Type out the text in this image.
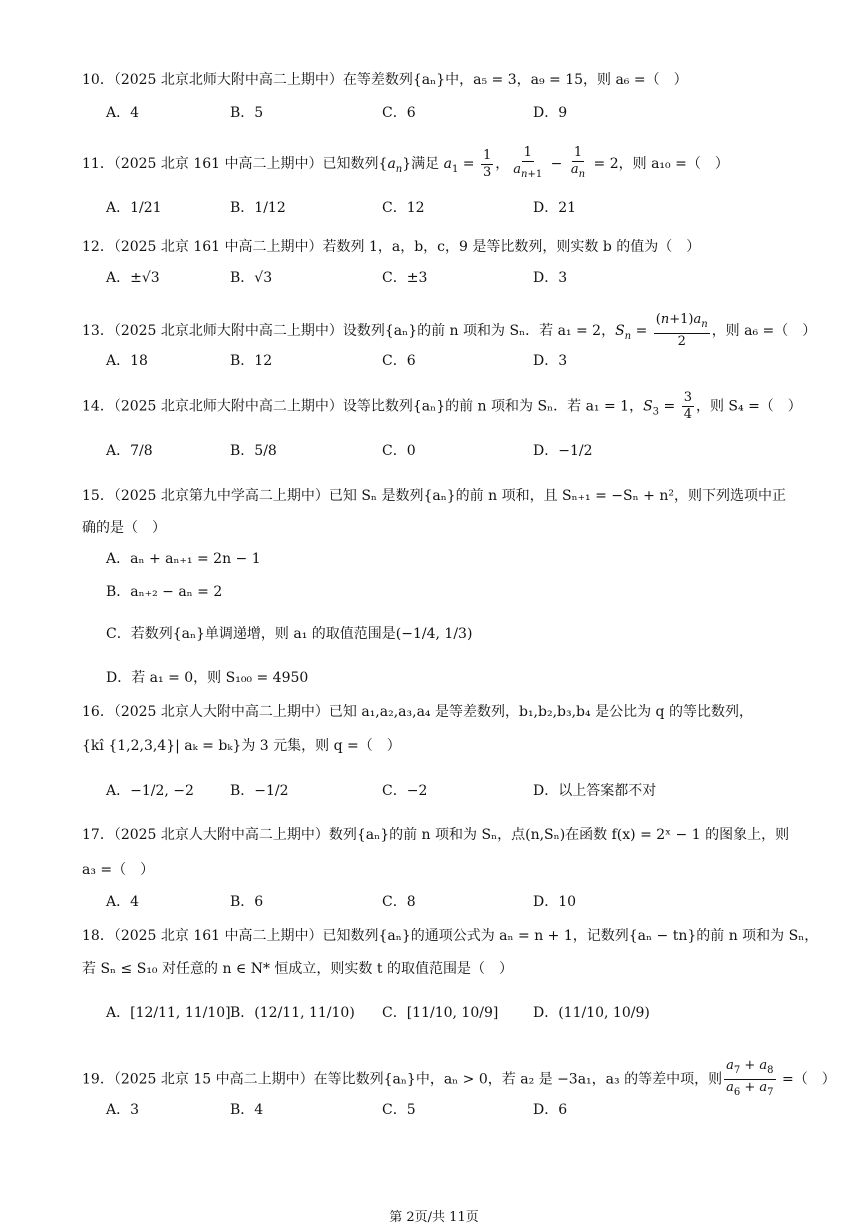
10．（2025 北京北师大附中高二上期中）在等差数列{aₙ}中，a₅ = 3，a₉ = 15，则 a₆ =（　）
A．4	B．5	C．6	D．9
11．（2025 北京 161 中高二上期中）已知数列$\{a_n\}$满足 $a_1 = \frac{1}{3}$ ， $\frac{1}{a_{n+1}} - \frac{1}{a_n} = 2$，则 a₁₀ =（　）
A．1/21	B．1/12	C．12	D．21
12．（2025 北京 161 中高二上期中）若数列 1，a，b，c，9 是等比数列，则实数 b 的值为（　）
A．±√3	B．√3	C．±3	D．3
13．（2025 北京北师大附中高二上期中）设数列{aₙ}的前 n 项和为 Sₙ．若 a₁ = 2，$S_n = \frac{(n+1)a_n}{2}$ ，则 a₆ =（　）
A．18	B．12	C．6	D．3
14．（2025 北京北师大附中高二上期中）设等比数列{aₙ}的前 n 项和为 Sₙ．若 a₁ = 1，$S_3 = \frac{3}{4}$ ，则 S₄ =（　）
A．7/8	B．5/8	C．0	D．−1/2
15．（2025 北京第九中学高二上期中）已知 Sₙ 是数列{aₙ}的前 n 项和，且 Sₙ₊₁ = −Sₙ + n²，则下列选项中正
确的是（　）
A．aₙ + aₙ₊₁ = 2n − 1
B．aₙ₊₂ − aₙ = 2
C．若数列{aₙ}单调递增，则 a₁ 的取值范围是(−1/4, 1/3)
D．若 a₁ = 0，则 S₁₀₀ = 4950
16．（2025 北京人大附中高二上期中）已知 a₁,a₂,a₃,a₄ 是等差数列，b₁,b₂,b₃,b₄ 是公比为 q 的等比数列，
{kî {1,2,3,4}| aₖ = bₖ}为 3 元集，则 q =（　）
A．−1/2, −2	B．−1/2	C．−2	D．以上答案都不对
17．（2025 北京人大附中高二上期中）数列{aₙ}的前 n 项和为 Sₙ，点(n,Sₙ)在函数 f(x) = 2ˣ − 1 的图象上，则
a₃ =（　）
A．4	B．6	C．8	D．10
18．（2025 北京 161 中高二上期中）已知数列{aₙ}的通项公式为 aₙ = n + 1，记数列{aₙ − tn}的前 n 项和为 Sₙ，
若 Sₙ ≤ S₁₀ 对任意的 n ∈ N* 恒成立，则实数 t 的取值范围是（　）
A．[12/11, 11/10] B．(12/11, 11/10) C．[11/10, 10/9] D．(11/10, 10/9)
19．（2025 北京 15 中高二上期中）在等比数列{aₙ}中，aₙ > 0，若 a₂ 是 −3a₁，a₃ 的等差中项，则 $\frac{a_7 + a_8}{a_6 + a_7}$ =（　）
A．3	B．4	C．5	D．6
第 2页/共 11页
